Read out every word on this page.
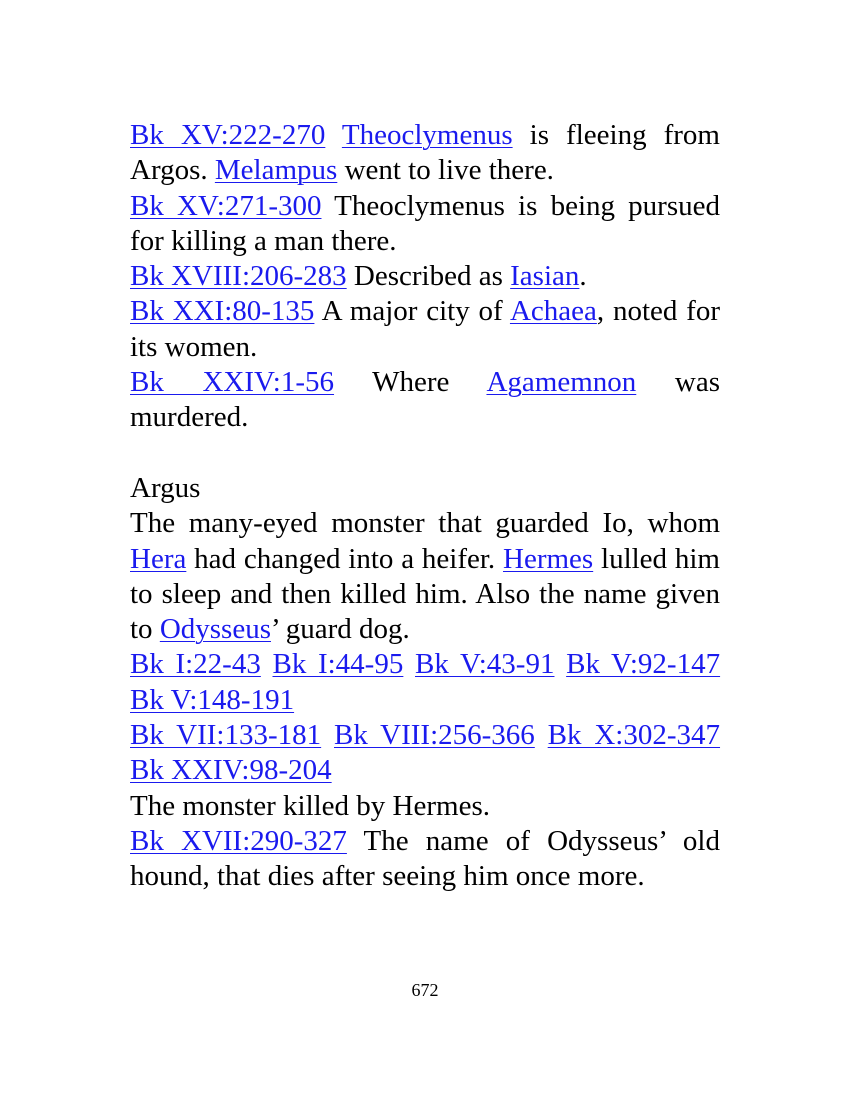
Bk XV:222-270 Theoclymenus is fleeing from Argos. Melampus went to live there.

Bk XV:271-300 Theoclymenus is being pursued for killing a man there.

Bk XVIII:206-283 Described as Iasian.

Bk XXI:80-135 A major city of Achaea, noted for its women.

Bk XXIV:1-56 Where Agamemnon was murdered.

Argus

The many-eyed monster that guarded Io, whom Hera had changed into a heifer. Hermes lulled him to sleep and then killed him. Also the name given to Odysseus’ guard dog.

Bk I:22-43 Bk I:44-95 Bk V:43-91 Bk V:92-147 Bk V:148-191

Bk VII:133-181 Bk VIII:256-366 Bk X:302-347 Bk XXIV:98-204

The monster killed by Hermes.

Bk XVII:290-327 The name of Odysseus’ old hound, that dies after seeing him once more.

672
